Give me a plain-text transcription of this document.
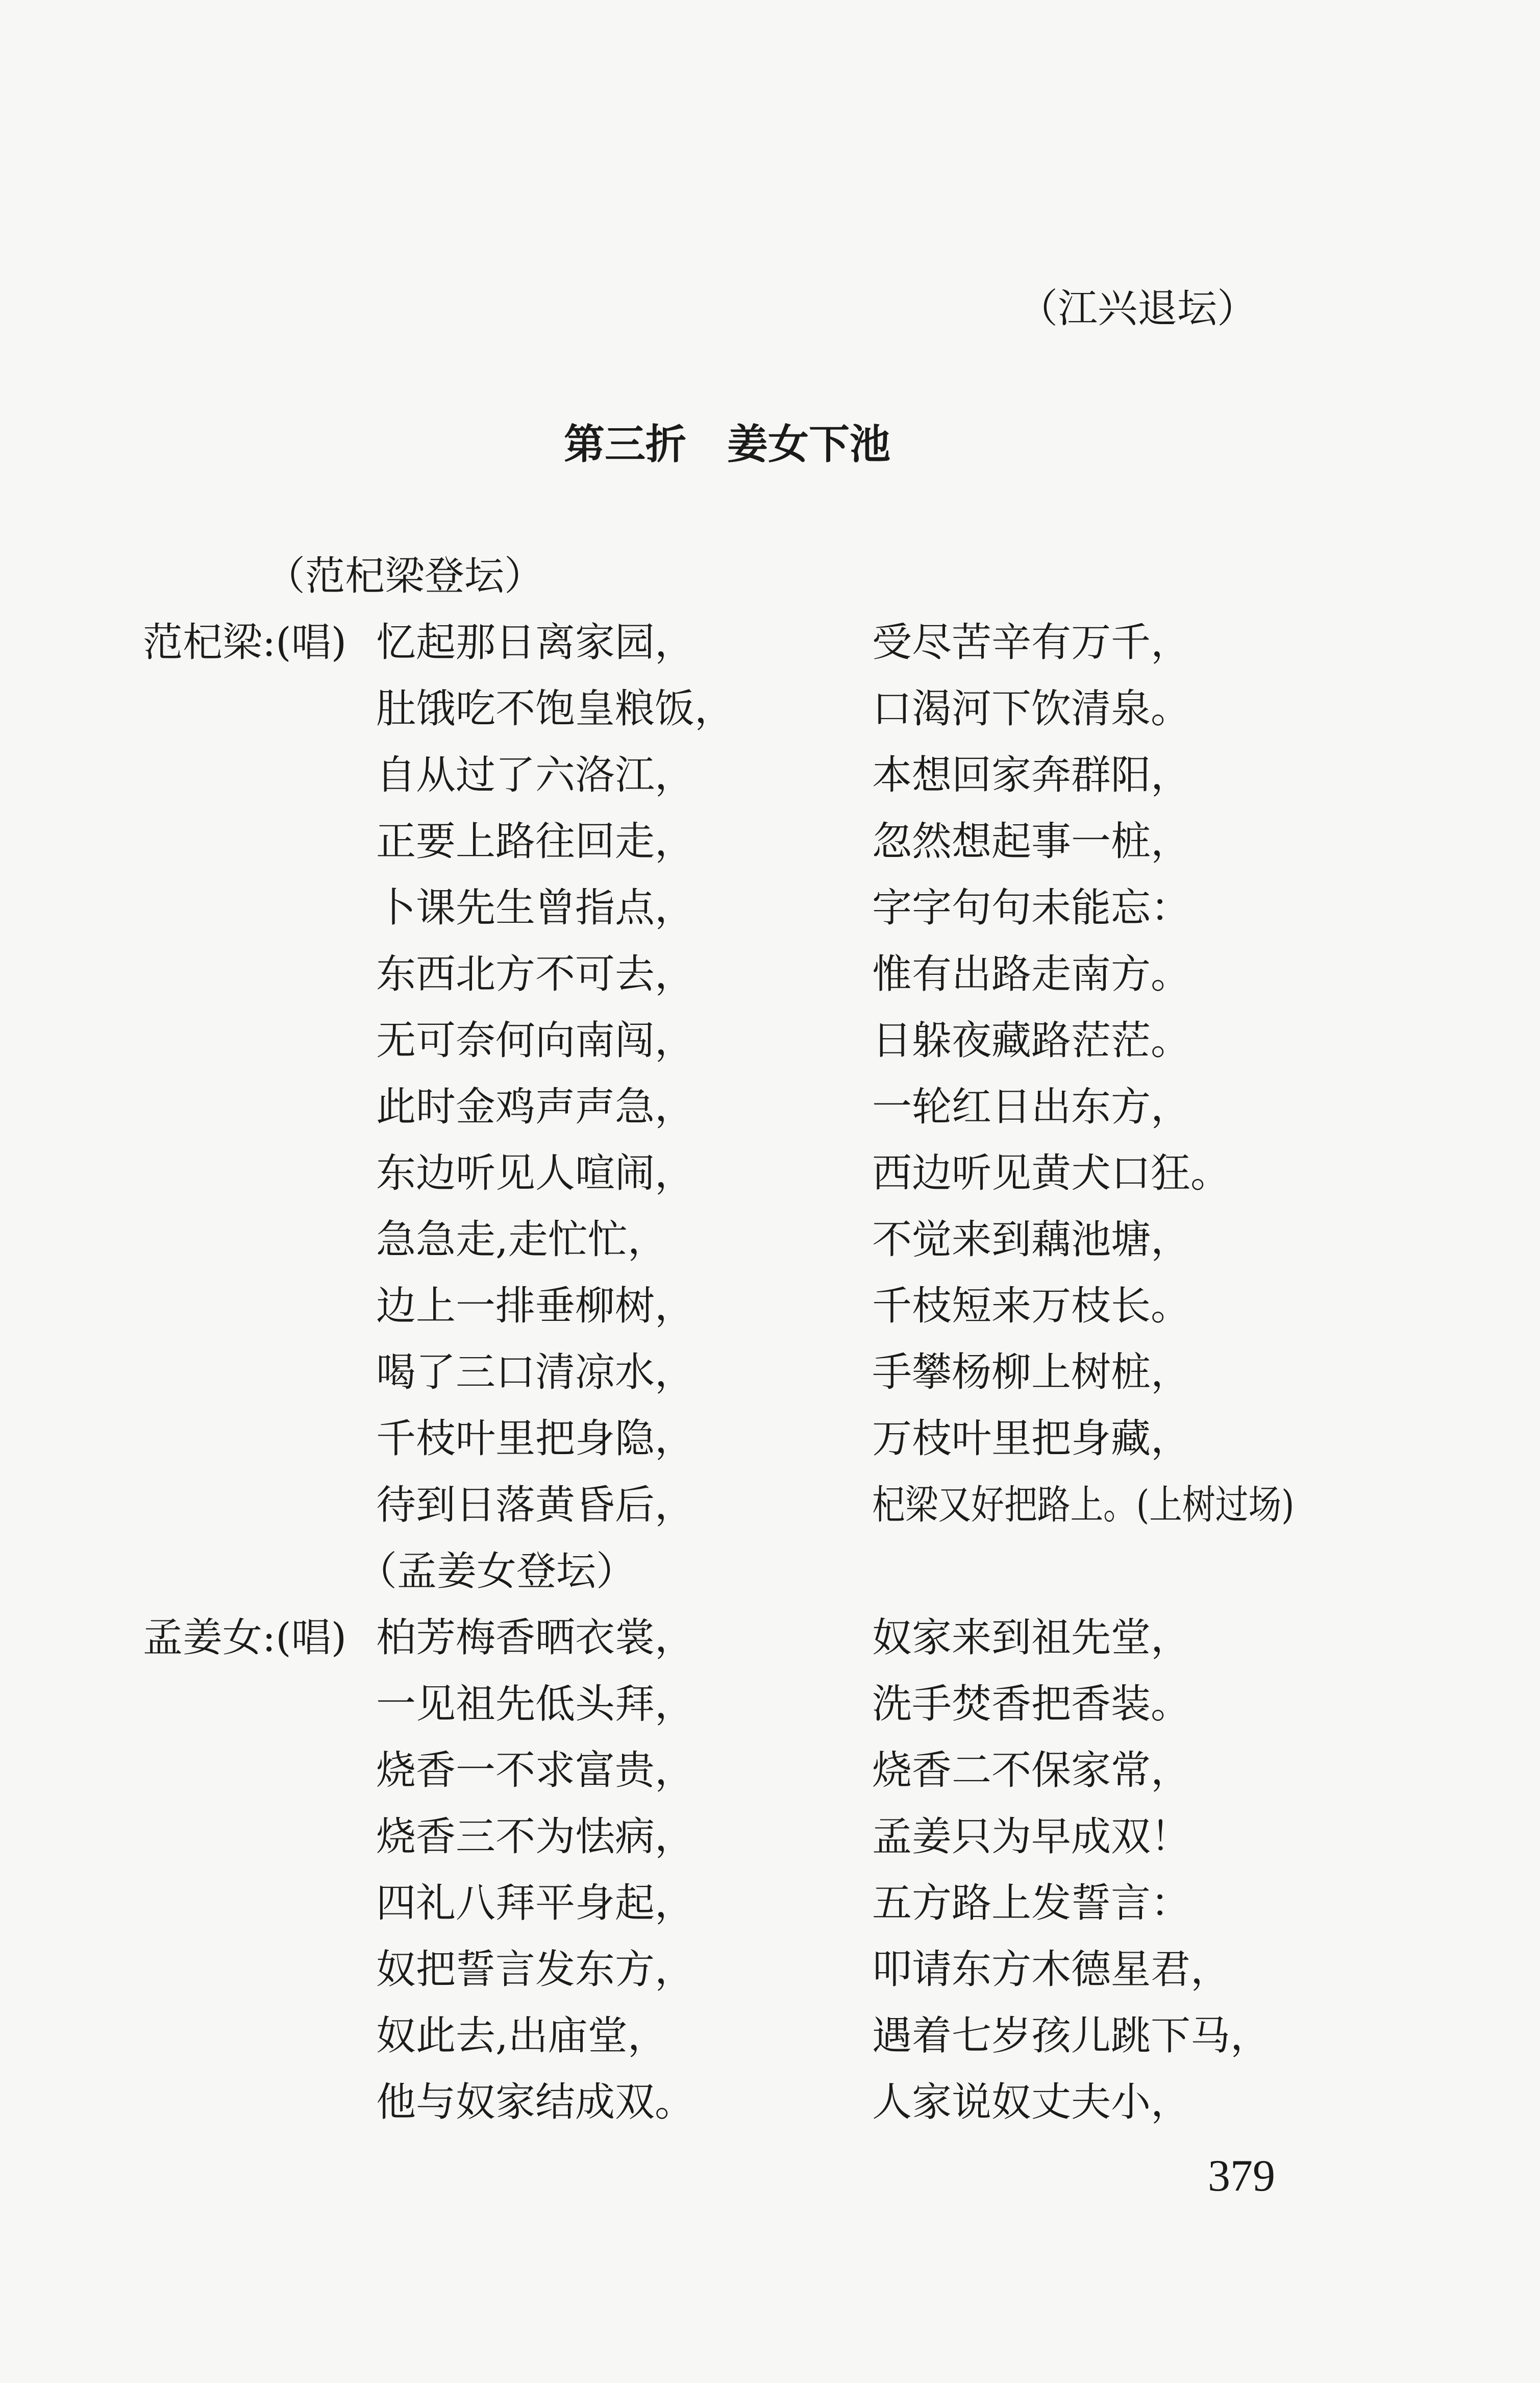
（江兴退坛）
第三折　姜女下池
（范杞梁登坛）
范杞梁:(唱) 忆起那日离家园，	受尽苦辛有万千，
肚饿吃不饱皇粮饭，	口渴河下饮清泉。
自从过了六洛江，	本想回家奔群阳，
正要上路往回走，	忽然想起事一桩，
卜课先生曾指点，	字字句句未能忘：
东西北方不可去，	惟有出路走南方。
无可奈何向南闯，	日躲夜藏路茫茫。
此时金鸡声声急，	一轮红日出东方，
东边听见人喧闹，	西边听见黄犬口狂。
急急走,走忙忙，	不觉来到藕池塘，
边上一排垂柳树，	千枝短来万枝长。
喝了三口清凉水，	手攀杨柳上树桩，
千枝叶里把身隐，	万枝叶里把身藏，
待到日落黄昏后，	杞梁又好把路上。(上树过场)
（孟姜女登坛）
孟姜女:(唱) 柏芳梅香晒衣裳，	奴家来到祖先堂，
一见祖先低头拜，	洗手焚香把香装。
烧香一不求富贵，	烧香二不保家常，
烧香三不为怯病，	孟姜只为早成双！
四礼八拜平身起，	五方路上发誓言：
奴把誓言发东方，	叩请东方木德星君，
奴此去,出庙堂，	遇着七岁孩儿跳下马，
他与奴家结成双。	人家说奴丈夫小，
379
